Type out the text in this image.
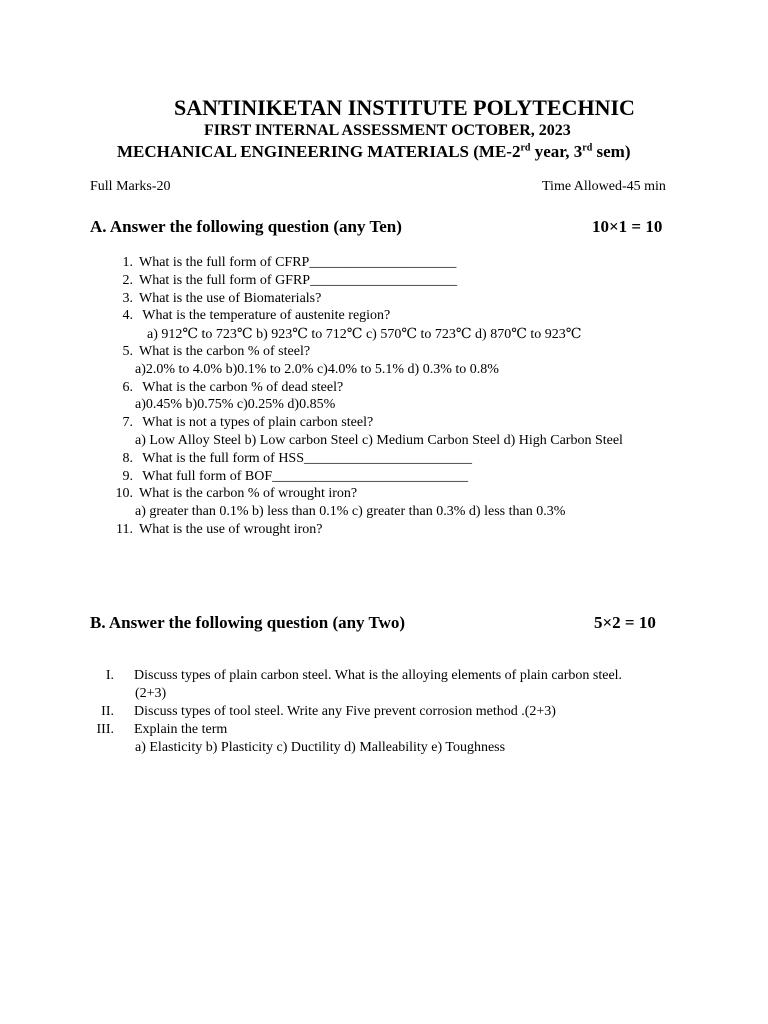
SANTINIKETAN INSTITUTE POLYTECHNIC
FIRST INTERNAL ASSESSMENT OCTOBER, 2023
MECHANICAL ENGINEERING MATERIALS (ME-2rd year, 3rd sem)
Full Marks-20	Time Allowed-45 min
A. Answer the following question (any Ten)	10×1 = 10
1. What is the full form of CFRP_____________________
2. What is the full form of GFRP_____________________
3. What is the use of Biomaterials?
4. What is the temperature of austenite region?
a) 912℃ to 723℃ b) 923℃ to 712℃ c) 570℃ to 723℃ d) 870℃ to 923℃
5. What is the carbon % of steel?
a)2.0% to 4.0% b)0.1% to 2.0% c)4.0% to 5.1% d) 0.3% to 0.8%
6. What is the carbon % of dead steel?
a)0.45% b)0.75% c)0.25% d)0.85%
7. What is not a types of plain carbon steel?
a) Low Alloy Steel b) Low carbon Steel c) Medium Carbon Steel d) High Carbon Steel
8. What is the full form of HSS________________________
9. What full form of BOF____________________________
10. What is the carbon % of wrought iron?
a) greater than 0.1% b) less than 0.1% c) greater than 0.3% d) less than 0.3%
11. What is the use of wrought iron?
B. Answer the following question (any Two)	5×2 = 10
I. Discuss types of plain carbon steel. What is the alloying elements of plain carbon steel.
(2+3)
II. Discuss types of tool steel. Write any Five prevent corrosion method .(2+3)
III. Explain the term
a) Elasticity b) Plasticity c) Ductility d) Malleability e) Toughness
